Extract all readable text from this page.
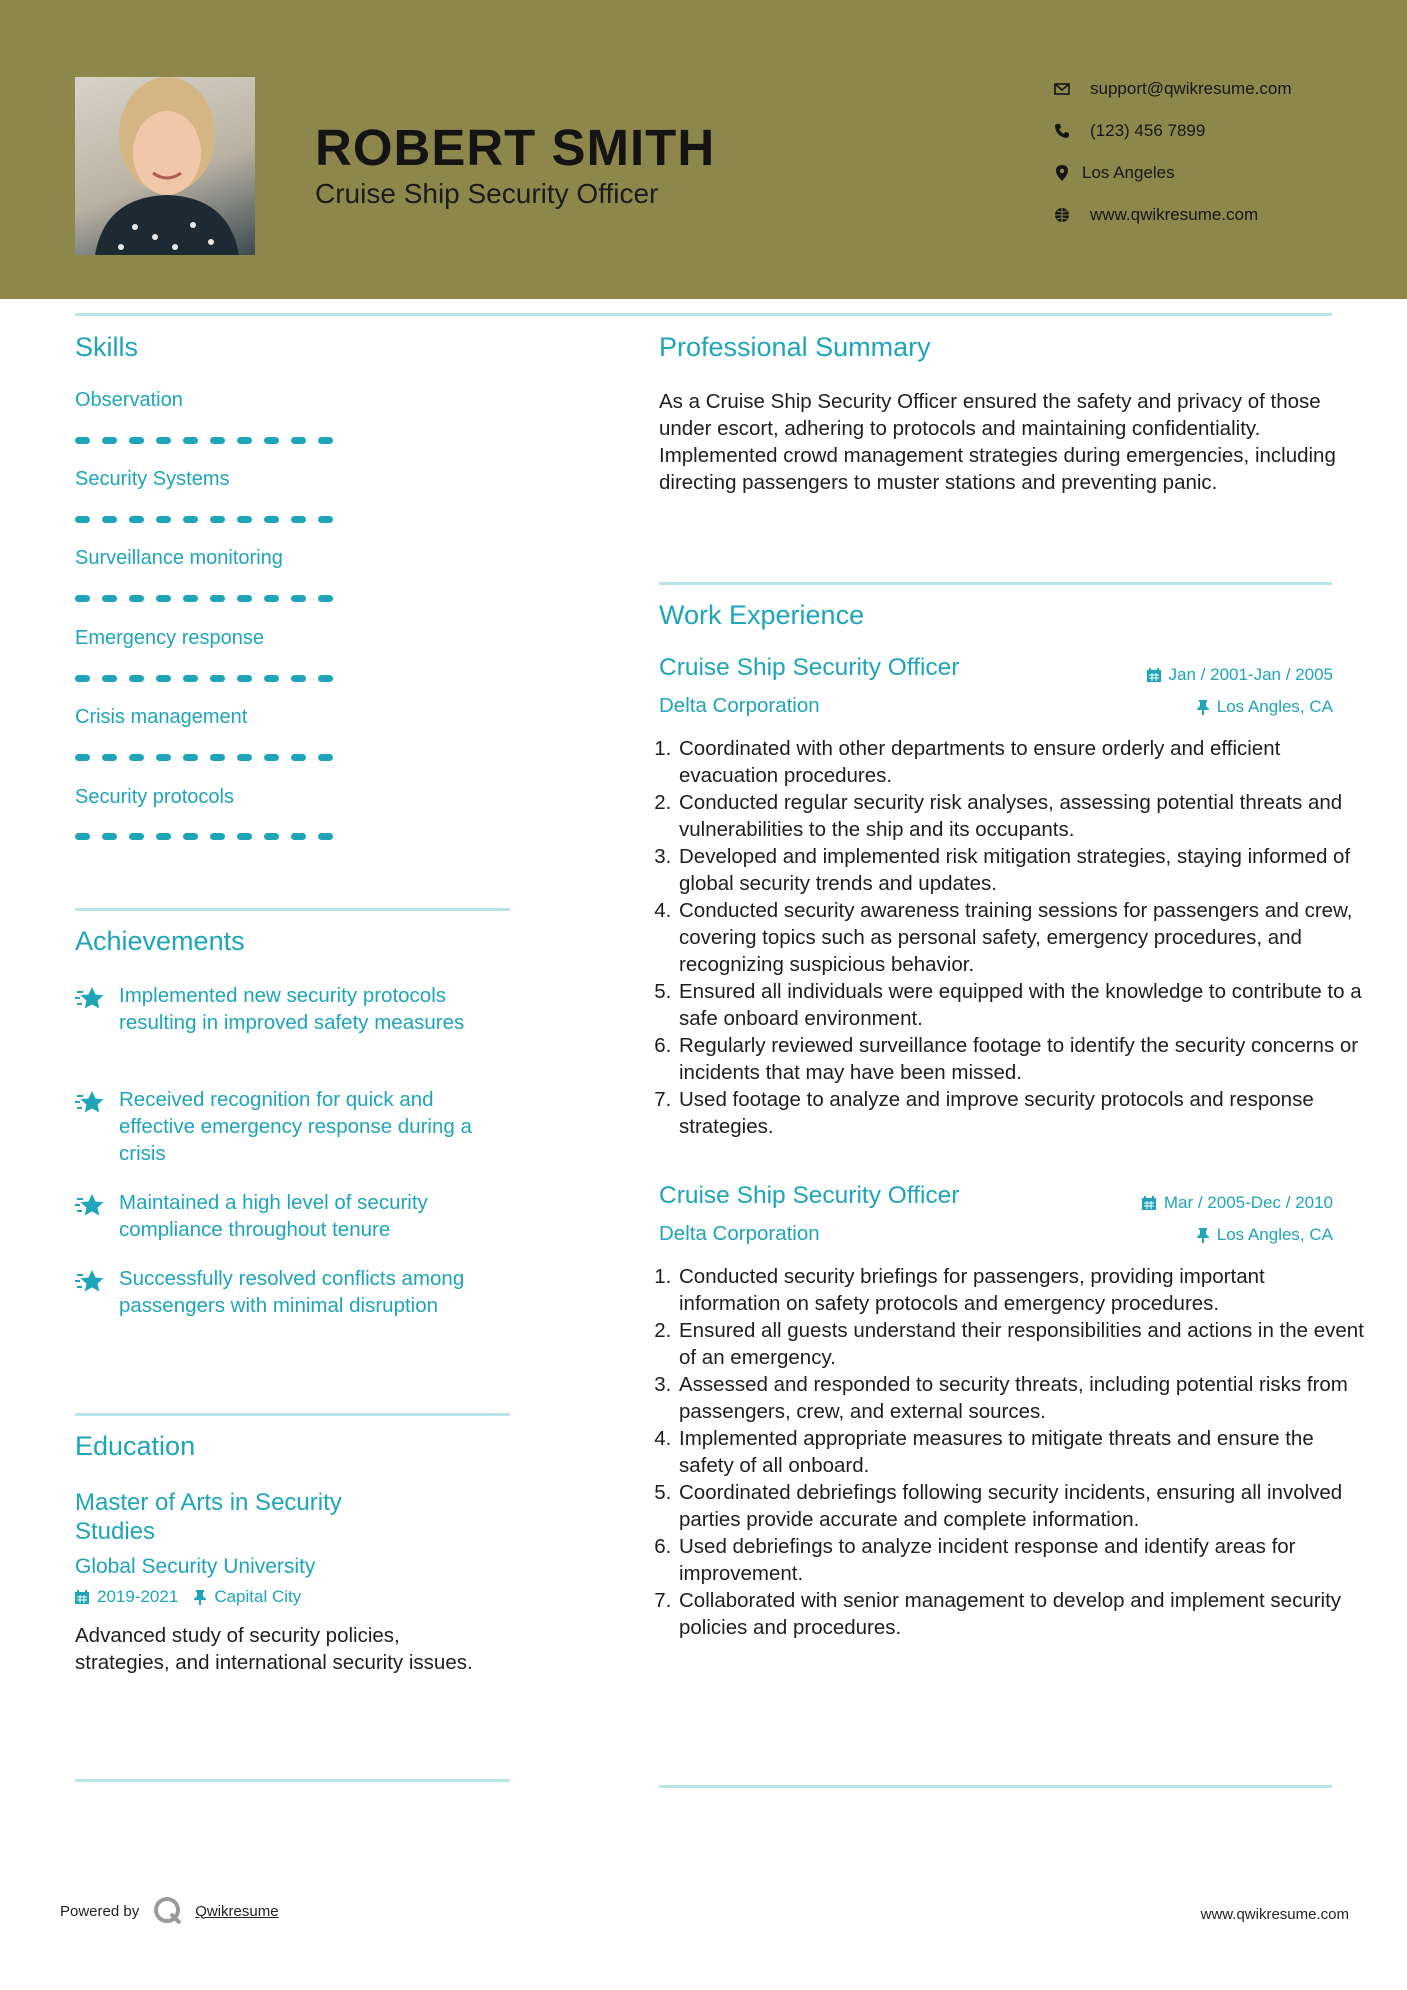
ROBERT SMITH
Cruise Ship Security Officer
support@qwikresume.com
(123) 456 7899
Los Angeles
www.qwikresume.com
Skills
Observation
Security Systems
Surveillance monitoring
Emergency response
Crisis management
Security protocols
Achievements
Implemented new security protocols resulting in improved safety measures
Received recognition for quick and effective emergency response during a crisis
Maintained a high level of security compliance throughout tenure
Successfully resolved conflicts among passengers with minimal disruption
Education
Master of Arts in Security Studies
Global Security University
2019-2021 Capital City
Advanced study of security policies, strategies, and international security issues.
Professional Summary
As a Cruise Ship Security Officer ensured the safety and privacy of those under escort, adhering to protocols and maintaining confidentiality. Implemented crowd management strategies during emergencies, including directing passengers to muster stations and preventing panic.
Work Experience
Cruise Ship Security Officer	Jan / 2001-Jan / 2005
Delta Corporation	Los Angles, CA
1. Coordinated with other departments to ensure orderly and efficient evacuation procedures.
2. Conducted regular security risk analyses, assessing potential threats and vulnerabilities to the ship and its occupants.
3. Developed and implemented risk mitigation strategies, staying informed of global security trends and updates.
4. Conducted security awareness training sessions for passengers and crew, covering topics such as personal safety, emergency procedures, and recognizing suspicious behavior.
5. Ensured all individuals were equipped with the knowledge to contribute to a safe onboard environment.
6. Regularly reviewed surveillance footage to identify the security concerns or incidents that may have been missed.
7. Used footage to analyze and improve security protocols and response strategies.
Cruise Ship Security Officer	Mar / 2005-Dec / 2010
Delta Corporation	Los Angles, CA
1. Conducted security briefings for passengers, providing important information on safety protocols and emergency procedures.
2. Ensured all guests understand their responsibilities and actions in the event of an emergency.
3. Assessed and responded to security threats, including potential risks from passengers, crew, and external sources.
4. Implemented appropriate measures to mitigate threats and ensure the safety of all onboard.
5. Coordinated debriefings following security incidents, ensuring all involved parties provide accurate and complete information.
6. Used debriefings to analyze incident response and identify areas for improvement.
7. Collaborated with senior management to develop and implement security policies and procedures.
Powered by	Qwikresume	www.qwikresume.com
